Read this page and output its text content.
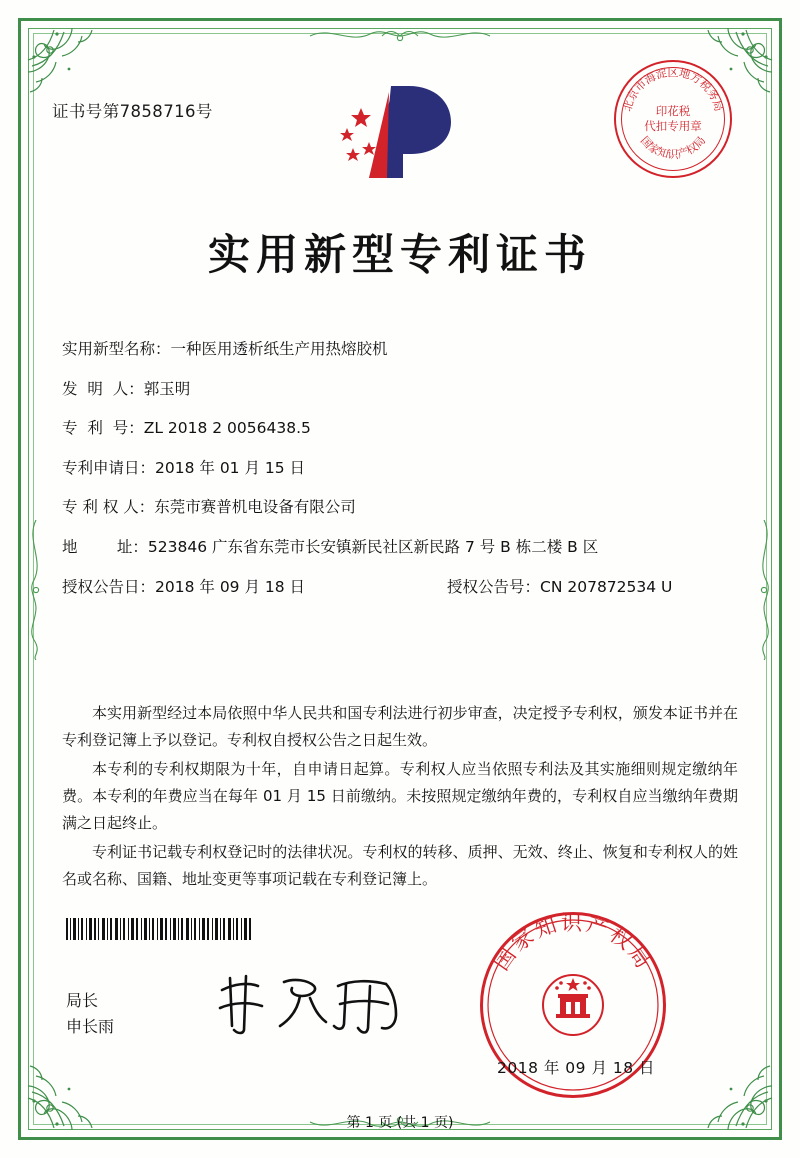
证书号第7858716号	北京市海淀区地方税务局
国家知识产权局
印花税
代扣专用章
实用新型专利证书
实用新型名称： 一种医用透析纸生产用热熔胶机
发  明  人： 郭玉明
专  利  号： ZL 2018 2 0056438.5
专利申请日： 2018 年 01 月 15 日
专 利 权 人： 东莞市赛普机电设备有限公司
地        址： 523846 广东省东莞市长安镇新民社区新民路 7 号 B 栋二楼 B 区
授权公告日： 2018 年 09 月 18 日	授权公告号： CN 207872534 U

本实用新型经过本局依照中华人民共和国专利法进行初步审查，决定授予专利权，颁发本证书并在专利登记簿上予以登记。专利权自授权公告之日起生效。

本专利的专利权期限为十年，自申请日起算。专利权人应当依照专利法及其实施细则规定缴纳年费。本专利的年费应当在每年 01 月 15 日前缴纳。未按照规定缴纳年费的，专利权自应当缴纳年费期满之日起终止。

专利证书记载专利权登记时的法律状况。专利权的转移、质押、无效、终止、恢复和专利权人的姓名或名称、国籍、地址变更等事项记载在专利登记簿上。

局长
申长雨
国家知识产权局
2018 年 09 月 18 日
第 1 页 (共 1 页)
